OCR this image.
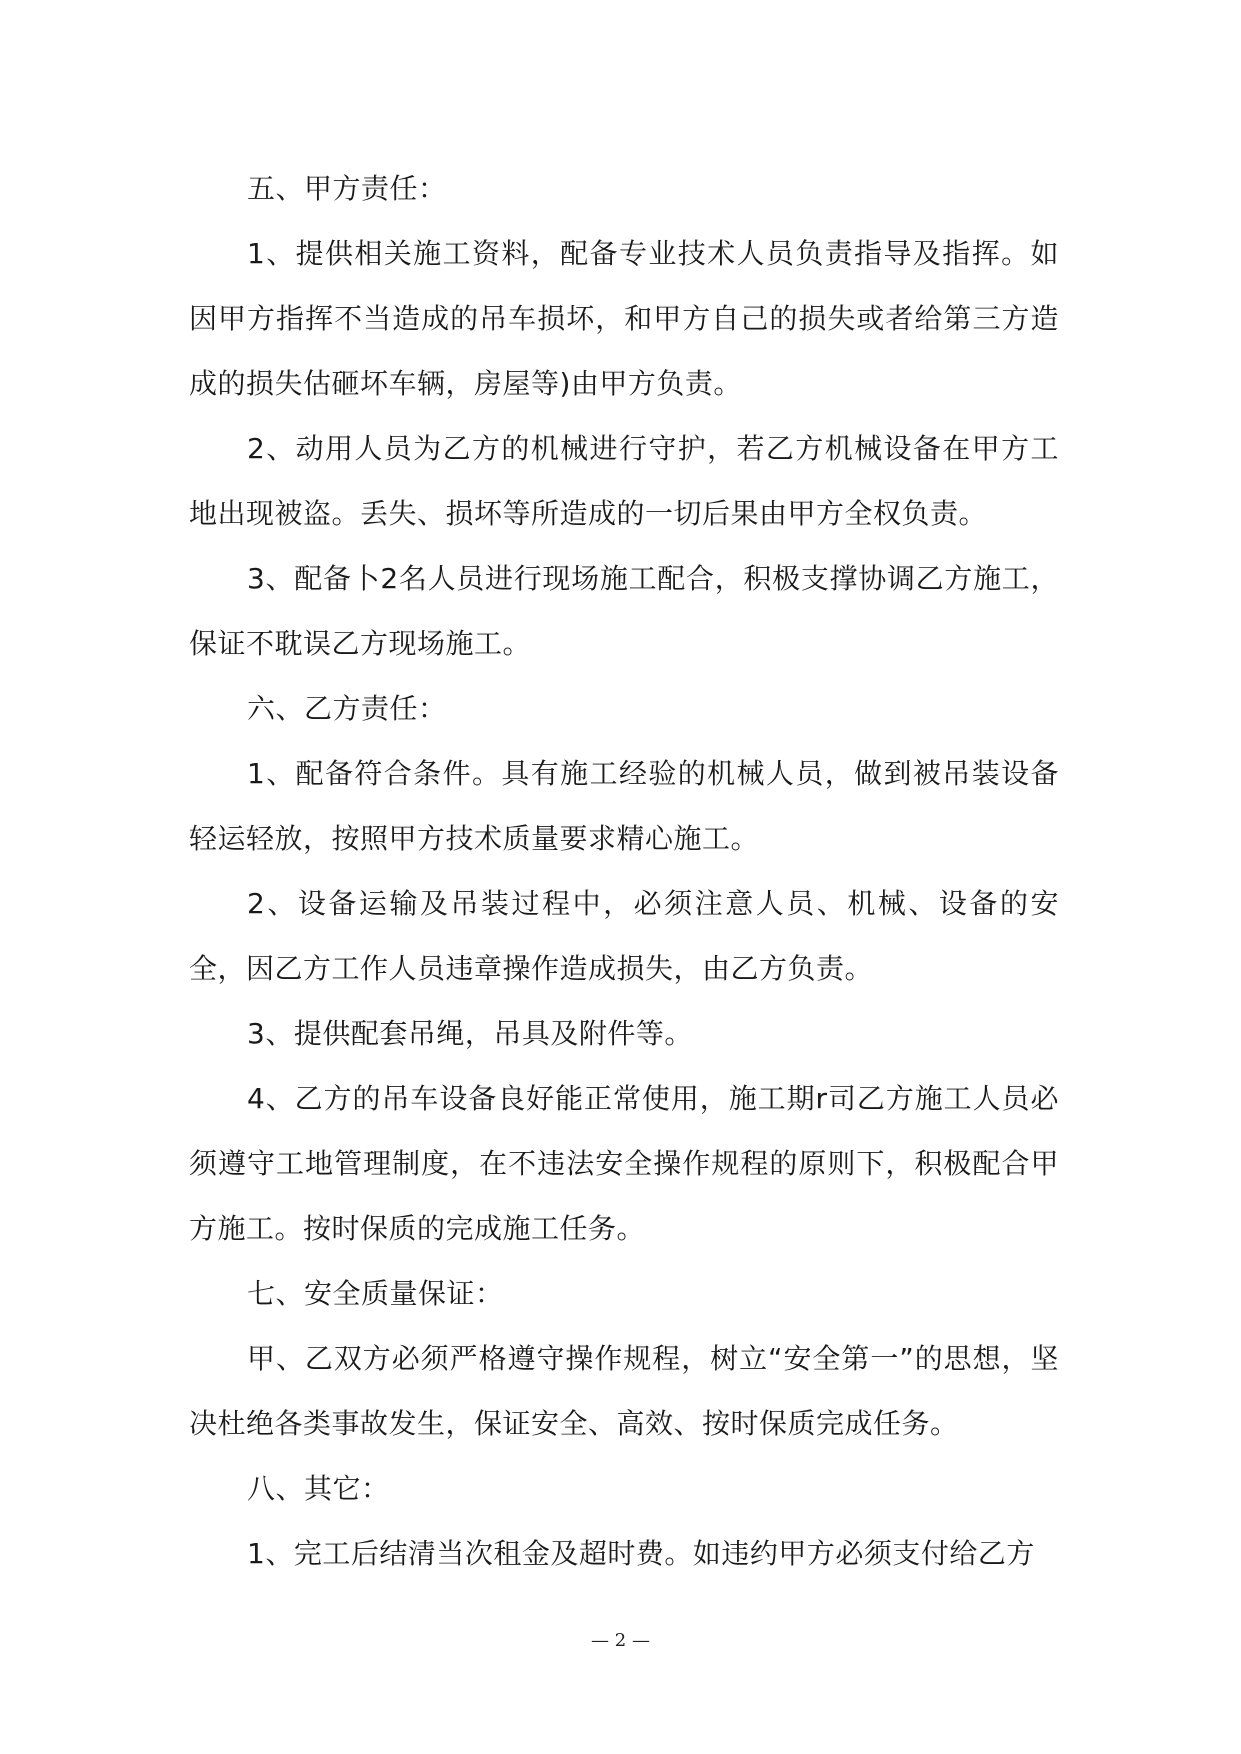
五、甲方责任：

1、提供相关施工资料，配备专业技术人员负责指导及指挥。如因甲方指挥不当造成的吊车损坏，和甲方自己的损失或者给第三方造成的损失估砸坏车辆，房屋等)由甲方负责。

2、动用人员为乙方的机械进行守护，若乙方机械设备在甲方工地出现被盗。丢失、损坏等所造成的一切后果由甲方全权负责。

3、配备卜2名人员进行现场施工配合，积极支撑协调乙方施工，保证不耽误乙方现场施工。

六、乙方责任：

1、配备符合条件。具有施工经验的机械人员，做到被吊装设备轻运轻放，按照甲方技术质量要求精心施工。

2、设备运输及吊装过程中，必须注意人员、机械、设备的安全，因乙方工作人员违章操作造成损失，由乙方负责。

3、提供配套吊绳，吊具及附件等。

4、乙方的吊车设备良好能正常使用，施工期r司乙方施工人员必须遵守工地管理制度，在不违法安全操作规程的原则下，积极配合甲方施工。按时保质的完成施工任务。

七、安全质量保证：

甲、乙双方必须严格遵守操作规程，树立“安全第一”的思想，坚决杜绝各类事故发生，保证安全、高效、按时保质完成任务。

八、其它：

1、完工后结清当次租金及超时费。如违约甲方必须支付给乙方

— 2 —
